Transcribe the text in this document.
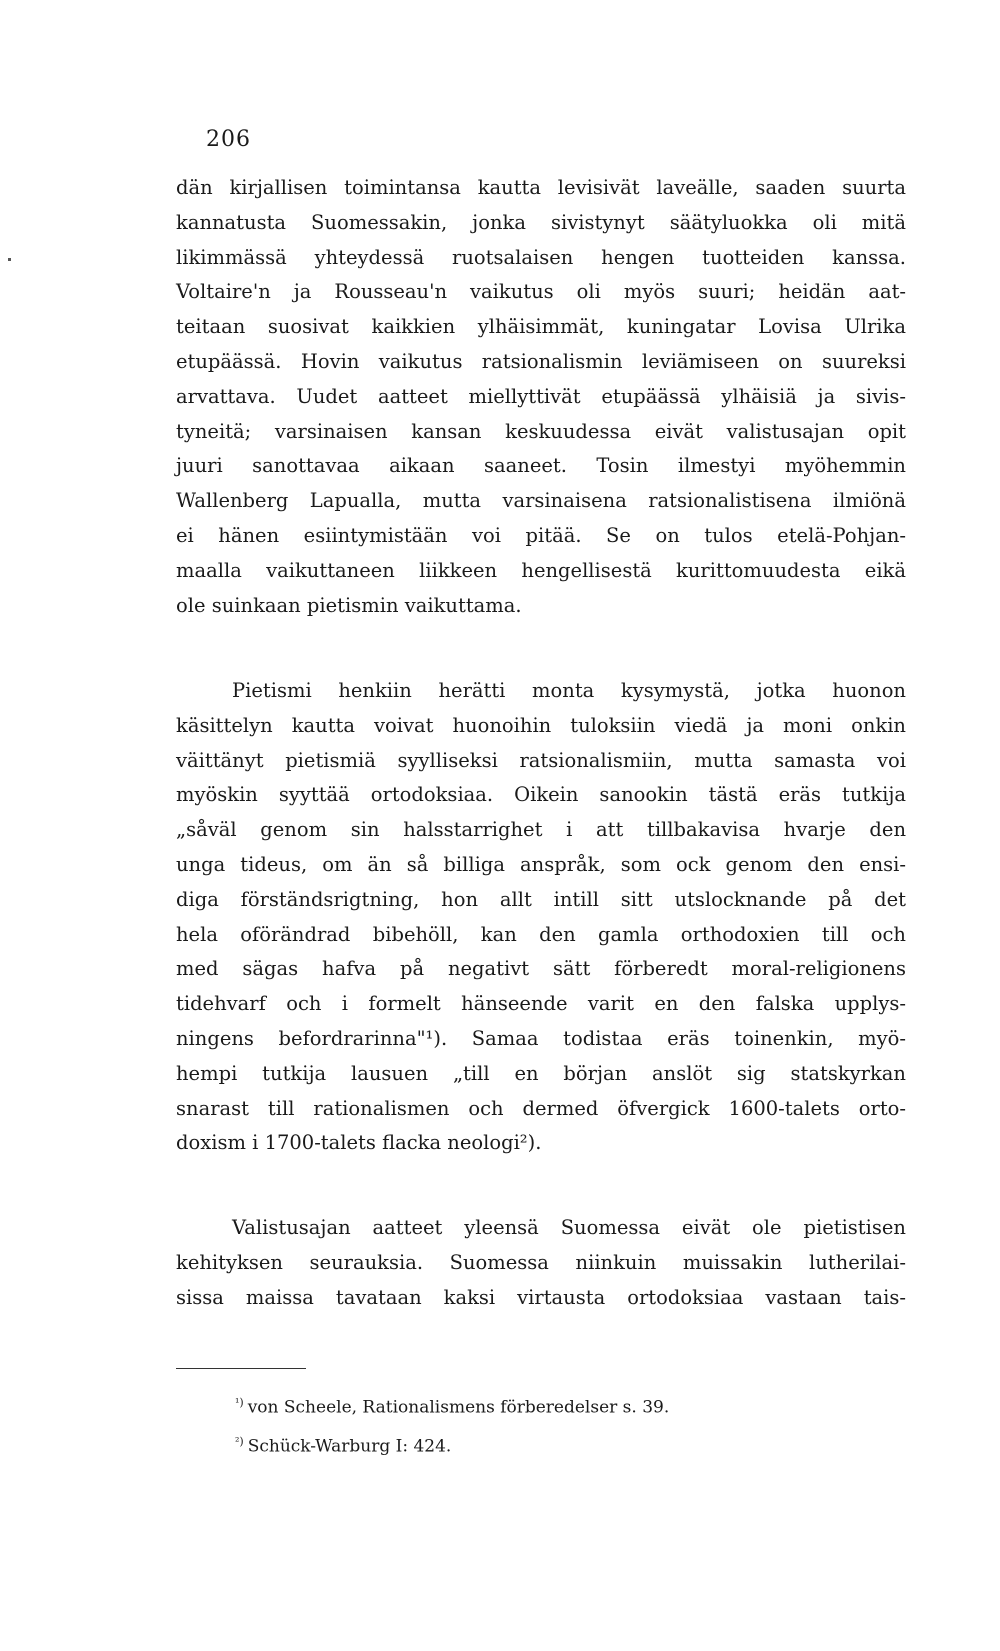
206
dän kirjallisen toimintansa kautta levisivät laveälle, saaden suurta
kannatusta Suomessakin, jonka sivistynyt säätyluokka oli mitä
likimmässä yhteydessä ruotsalaisen hengen tuotteiden kanssa.
Voltaire'n ja Rousseau'n vaikutus oli myös suuri; heidän aat-
teitaan suosivat kaikkien ylhäisimmät, kuningatar Lovisa Ulrika
etupäässä. Hovin vaikutus ratsionalismin leviämiseen on suureksi
arvattava. Uudet aatteet miellyttivät etupäässä ylhäisiä ja sivis-
tyneitä; varsinaisen kansan keskuudessa eivät valistusajan opit
juuri sanottavaa aikaan saaneet. Tosin ilmestyi myöhemmin
Wallenberg Lapualla, mutta varsinaisena ratsionalistisena ilmiönä
ei hänen esiintymistään voi pitää. Se on tulos etelä-Pohjan-
maalla vaikuttaneen liikkeen hengellisestä kurittomuudesta eikä
ole suinkaan pietismin vaikuttama.
Pietismi henkiin herätti monta kysymystä, jotka huonon
käsittelyn kautta voivat huonoihin tuloksiin viedä ja moni onkin
väittänyt pietismiä syylliseksi ratsionalismiin, mutta samasta voi
myöskin syyttää ortodoksiaa. Oikein sanookin tästä eräs tutkija
„såväl genom sin halsstarrighet i att tillbakavisa hvarje den
unga tideus, om än så billiga anspråk, som ock genom den ensi-
diga förständsrigtning, hon allt intill sitt utslocknande på det
hela oförändrad bibehöll, kan den gamla orthodoxien till och
med sägas hafva på negativt sätt förberedt moral-religionens
tidehvarf och i formelt hänseende varit en den falska upplys-
ningens befordrarinna"¹). Samaa todistaa eräs toinenkin, myö-
hempi tutkija lausuen „till en början anslöt sig statskyrkan
snarast till rationalismen och dermed öfvergick 1600-talets orto-
doxism i 1700-talets flacka neologi²).
Valistusajan aatteet yleensä Suomessa eivät ole pietistisen
kehityksen seurauksia. Suomessa niinkuin muissakin lutherilai-
sissa maissa tavataan kaksi virtausta ortodoksiaa vastaan tais-
$^{^1)}$ von Scheele, Rationalismens förberedelser s. 39.
$^{^2)}$ Schück-Warburg I: 424.
